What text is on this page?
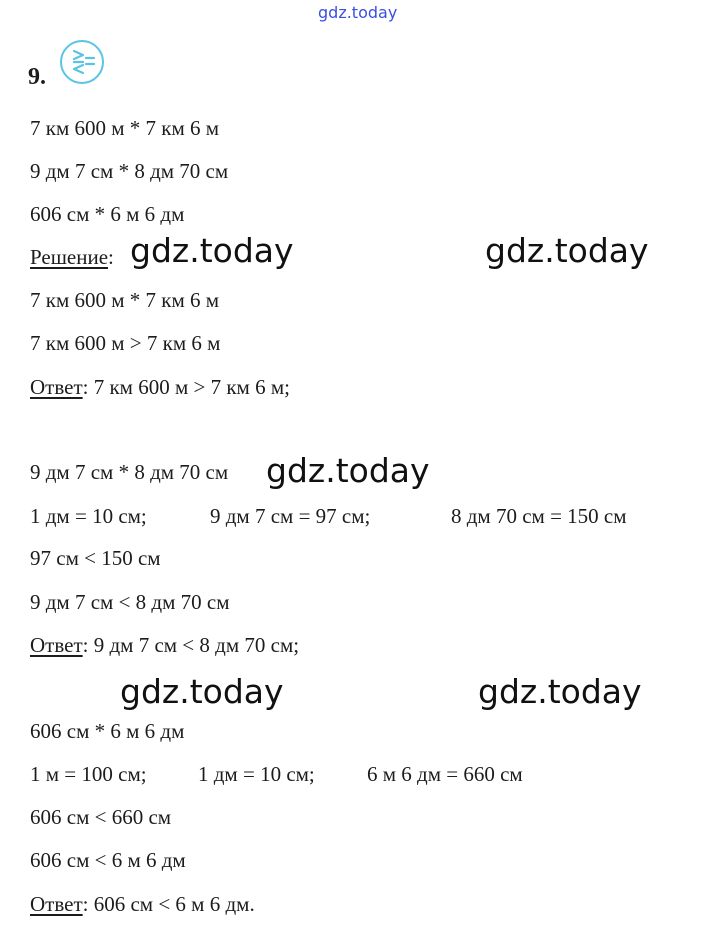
gdz.today
9.
7 км 600 м * 7 км 6 м
9 дм 7 см * 8 дм 70 см
606 см * 6 м 6 дм
Решение: gdz.today	gdz.today
7 км 600 м * 7 км 6 м
7 км 600 м > 7 км 6 м
Ответ: 7 км 600 м > 7 км 6 м;
9 дм 7 см * 8 дм 70 см gdz.today
1 дм = 10 см;	9 дм 7 см = 97 см;	8 дм 70 см = 150 см
97 см < 150 см
9 дм 7 см < 8 дм 70 см
Ответ: 9 дм 7 см < 8 дм 70 см;
gdz.today	gdz.today
606 см * 6 м 6 дм
1 м = 100 см; 1 дм = 10 см; 6 м 6 дм = 660 см
606 см < 660 см
606 см < 6 м 6 дм
Ответ: 606 см < 6 м 6 дм.
